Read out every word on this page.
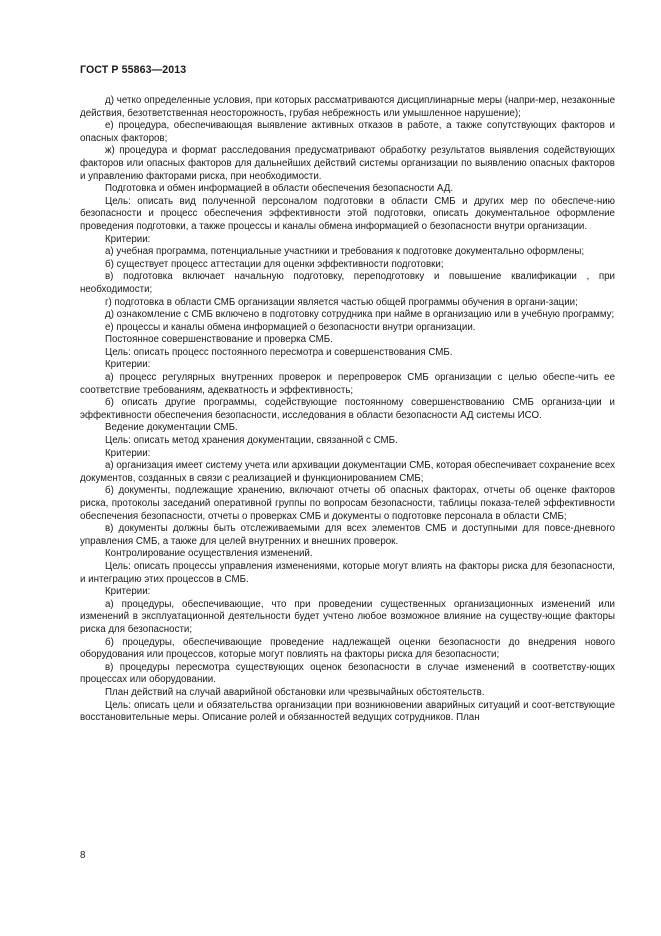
ГОСТ Р 55863—2013

д) четко определенные условия, при которых рассматриваются дисциплинарные меры (напри-мер, незаконные действия, безответственная неосторожность, грубая небрежность или умышленное нарушение);

е) процедура, обеспечивающая выявление активных отказов в работе, а также сопутствующих факторов и опасных факторов;

ж) процедура и формат расследования предусматривают обработку результатов выявления содействующих факторов или опасных факторов для дальнейших действий системы организации по выявлению опасных факторов и управлению факторами риска, при необходимости.

Подготовка и обмен информацией в области обеспечения безопасности АД.

Цель: описать вид полученной персоналом подготовки в области СМБ и других мер по обеспече-нию безопасности и процесс обеспечения эффективности этой подготовки, описать документальное оформление проведения подготовки, а также процессы и каналы обмена информацией о безопасности внутри организации.

Критерии:

а) учебная программа, потенциальные участники и требования к подготовке документально оформлены;

б) существует процесс аттестации для оценки эффективности подготовки;

в) подготовка включает начальную подготовку, переподготовку и повышение квалификации , при необходимости;

г) подготовка в области СМБ организации является частью общей программы обучения в органи-зации;

д) ознакомление с СМБ включено в подготовку сотрудника при найме в организацию или в учебную программу;

е) процессы и каналы обмена информацией о безопасности внутри организации.

Постоянное совершенствование и проверка СМБ.

Цель: описать процесс постоянного пересмотра и совершенствования СМБ.

Критерии:

а) процесс регулярных внутренних проверок и перепроверок СМБ организации с целью обеспе-чить ее соответствие требованиям, адекватность и эффективность;

б) описать другие программы, содействующие постоянному совершенствованию СМБ организа-ции и эффективности обеспечения безопасности, исследования в области безопасности АД системы ИСО.

Ведение документации СМБ.

Цель: описать метод хранения документации, связанной с СМБ.

Критерии:

а) организация имеет систему учета или архивации документации СМБ, которая обеспечивает сохранение всех документов, созданных в связи с реализацией и функционированием СМБ;

б) документы, подлежащие хранению, включают отчеты об опасных факторах, отчеты об оценке факторов риска, протоколы заседаний оперативной группы по вопросам безопасности, таблицы показа-телей эффективности обеспечения безопасности, отчеты о проверках СМБ и документы о подготовке персонала в области СМБ;

в) документы должны быть отслеживаемыми для всех элементов СМБ и доступными для повсе-дневного управления СМБ, а также для целей внутренних и внешних проверок.

Контролирование осуществления изменений.

Цель: описать процессы управления изменениями, которые могут влиять на факторы риска для безопасности, и интеграцию этих процессов в СМБ.

Критерии:

а) процедуры, обеспечивающие, что при проведении существенных организационных изменений или изменений в эксплуатационной деятельности будет учтено любое возможное влияние на существу-ющие факторы риска для безопасности;

б) процедуры, обеспечивающие проведение надлежащей оценки безопасности до внедрения нового оборудования или процессов, которые могут повлиять на факторы риска для безопасности;

в) процедуры пересмотра существующих оценок безопасности в случае изменений в соответству-ющих процессах или оборудовании.

План действий на случай аварийной обстановки или чрезвычайных обстоятельств.

Цель: описать цели и обязательства организации при возникновении аварийных ситуаций и соот-ветствующие восстановительные меры. Описание ролей и обязанностей ведущих сотрудников. План

8
